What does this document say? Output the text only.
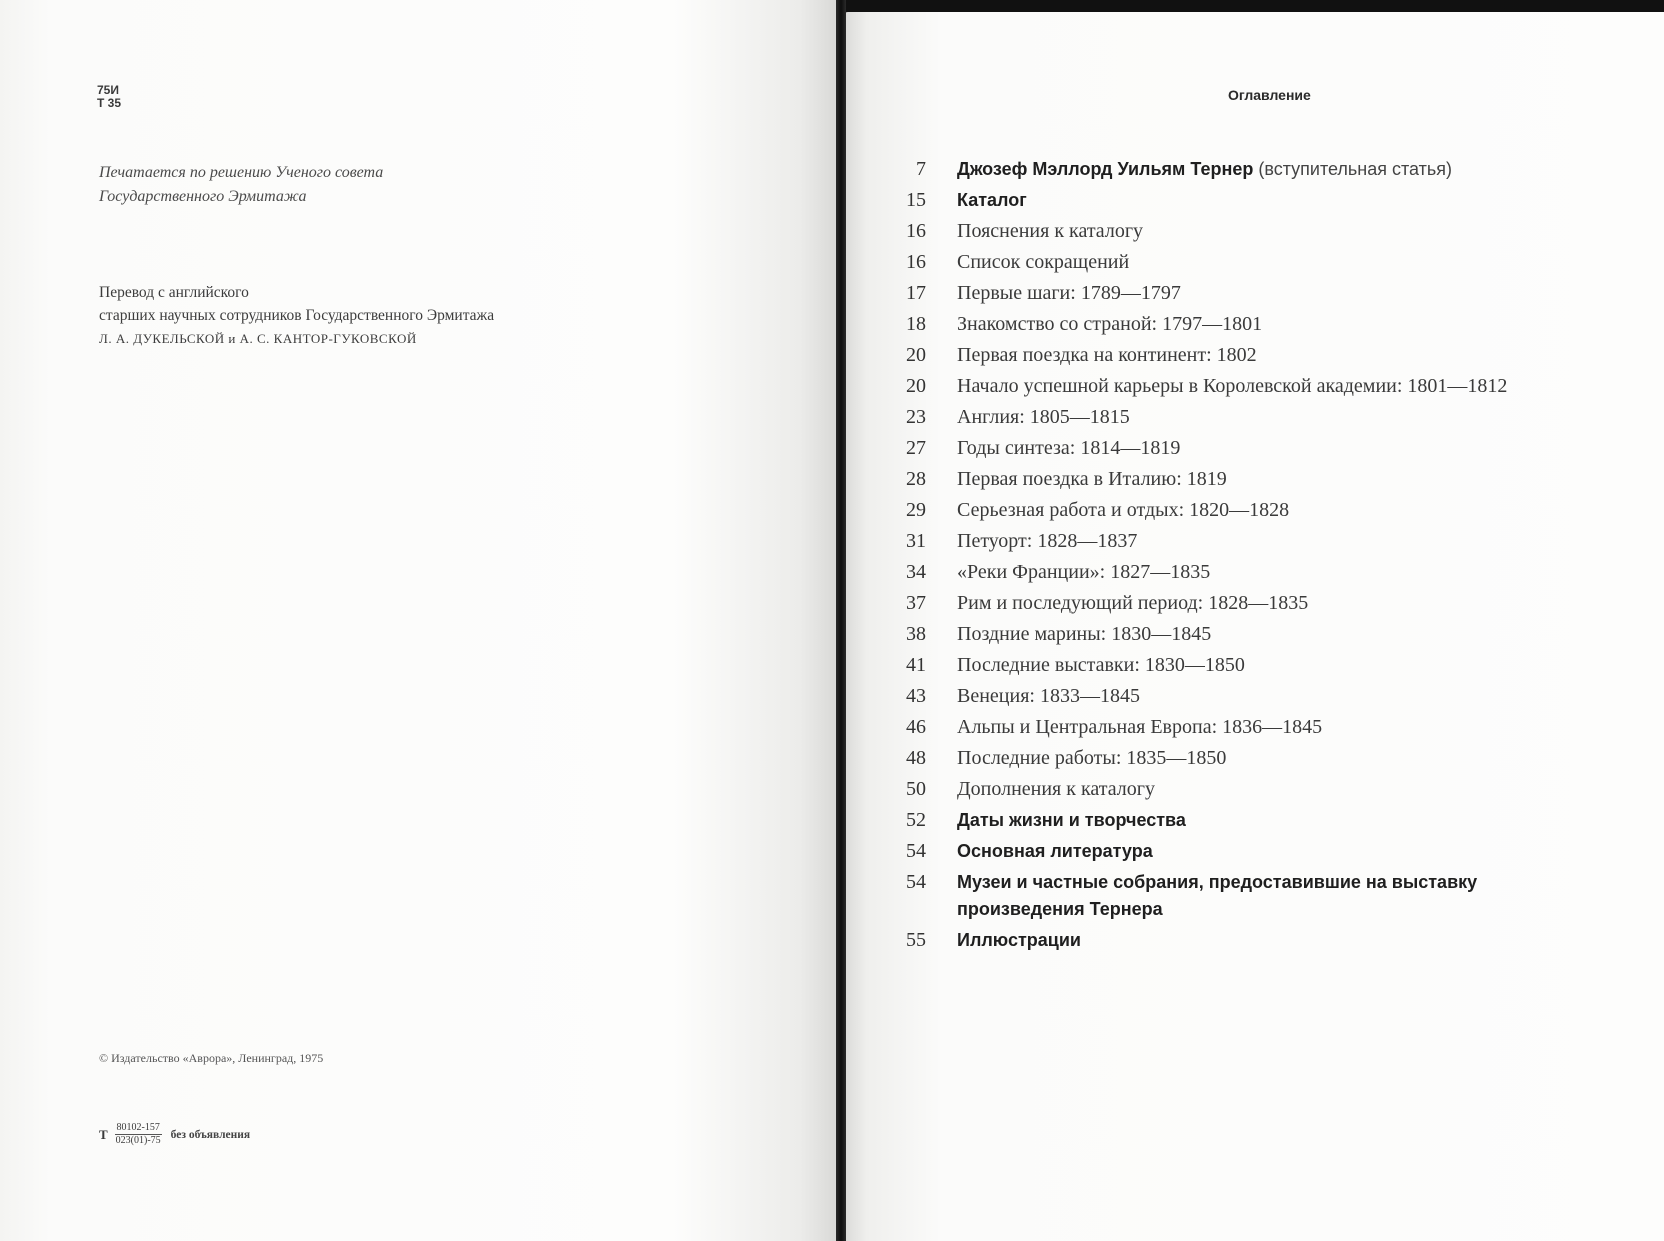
75И
Т 35
Печатается по решению Ученого совета
Государственного Эрмитажа
Перевод с английского
старших научных сотрудников Государственного Эрмитажа
Л. А. ДУКЕЛЬСКОЙ и А. С. КАНТОР-ГУКОВСКОЙ
© Издательство «Аврора», Ленинград, 1975
Т $\frac{80102-157}{023(01)-75}$ без объявления
Оглавление
7 Джозеф Мэллорд Уильям Тернер (вступительная статья)
15 Каталог
16 Пояснения к каталогу
16 Список сокращений
17 Первые шаги: 1789—1797
18 Знакомство со страной: 1797—1801
20 Первая поездка на континент: 1802
20 Начало успешной карьеры в Королевской академии: 1801—1812
23 Англия: 1805—1815
27 Годы синтеза: 1814—1819
28 Первая поездка в Италию: 1819
29 Серьезная работа и отдых: 1820—1828
31 Петуорт: 1828—1837
34 «Реки Франции»: 1827—1835
37 Рим и последующий период: 1828—1835
38 Поздние марины: 1830—1845
41 Последние выставки: 1830—1850
43 Венеция: 1833—1845
46 Альпы и Центральная Европа: 1836—1845
48 Последние работы: 1835—1850
50 Дополнения к каталогу
52 Даты жизни и творчества
54 Основная литература
54 Музеи и частные собрания, предоставившие на выставку произведения Тернера
55 Иллюстрации
